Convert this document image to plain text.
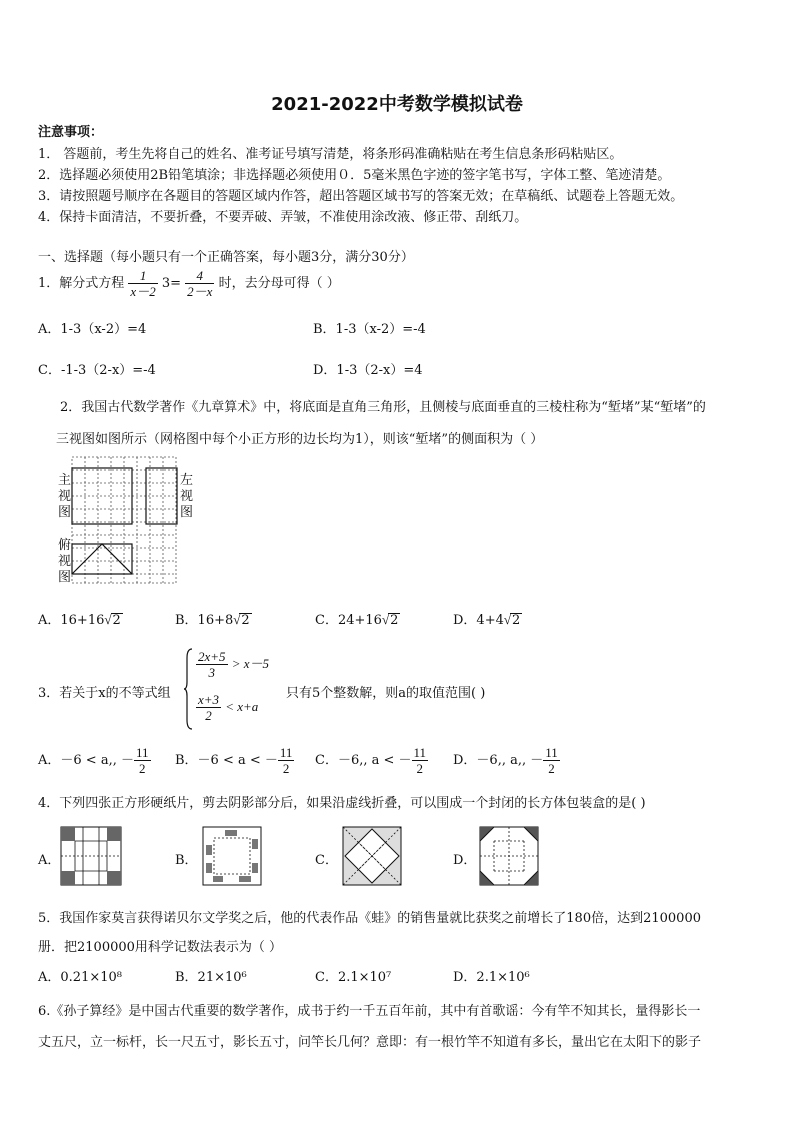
2021-2022中考数学模拟试卷
注意事项：
1． 答题前，考生先将自己的姓名、准考证号填写清楚，将条形码准确粘贴在考生信息条形码粘贴区。
2．选择题必须使用2B铅笔填涂；非选择题必须使用０．5毫米黑色字迹的签字笔书写，字体工整、笔迹清楚。
3．请按照题号顺序在各题目的答题区域内作答，超出答题区域书写的答案无效；在草稿纸、试题卷上答题无效。
4．保持卡面清洁，不要折叠，不要弄破、弄皱，不准使用涂改液、修正带、刮纸刀。
一、选择题（每小题只有一个正确答案，每小题3分，满分30分）
1．解分式方程 $\frac{1}{x-2} 3= \frac{4}{2-x}$ 时，去分母可得（ ）
A．1-3（x-2）=4	B．1-3（x-2）=-4
C．-1-3（2-x）=-4	D．1-3（2-x）=4
2．我国古代数学著作《九章算术》中，将底面是直角三角形，且侧棱与底面垂直的三棱柱称为“堑堵”某“堑堵”的
三视图如图所示（网格图中每个小正方形的边长均为1），则该“堑堵”的侧面积为（ ）
主
视
图
左
视
图
俯
视
图
A．16+16√2	B．16+8√2	C．24+16√2	D．4+4√2
3．若关于x的不等式组
$\frac{2x+5}{3} > x-5$
$\frac{x+3}{2} < x+a$
只有5个整数解，则a的取值范围( )
A．－6 < a,, － $\frac{11}{2}$ B．－6 < a < － $\frac{11}{2}$ C．－6,, a < － $\frac{11}{2}$ D．－6,, a,, － $\frac{11}{2}$
4．下列四张正方形硬纸片，剪去阴影部分后，如果沿虚线折叠，可以围成一个封闭的长方体包装盒的是( )
A．	B．	C．	D．
5．我国作家莫言获得诺贝尔文学奖之后，他的代表作品《蛙》的销售量就比获奖之前增长了180倍，达到2100000
册．把2100000用科学记数法表示为（ ）
A．0.21×10⁸	B．21×10⁶	C．2.1×10⁷	D．2.1×10⁶
6.《孙子算经》是中国古代重要的数学著作，成书于约一千五百年前，其中有首歌谣：今有竿不知其长，量得影长一
丈五尺，立一标杆，长一尺五寸，影长五寸，问竿长几何？意即：有一根竹竿不知道有多长，量出它在太阳下的影子
